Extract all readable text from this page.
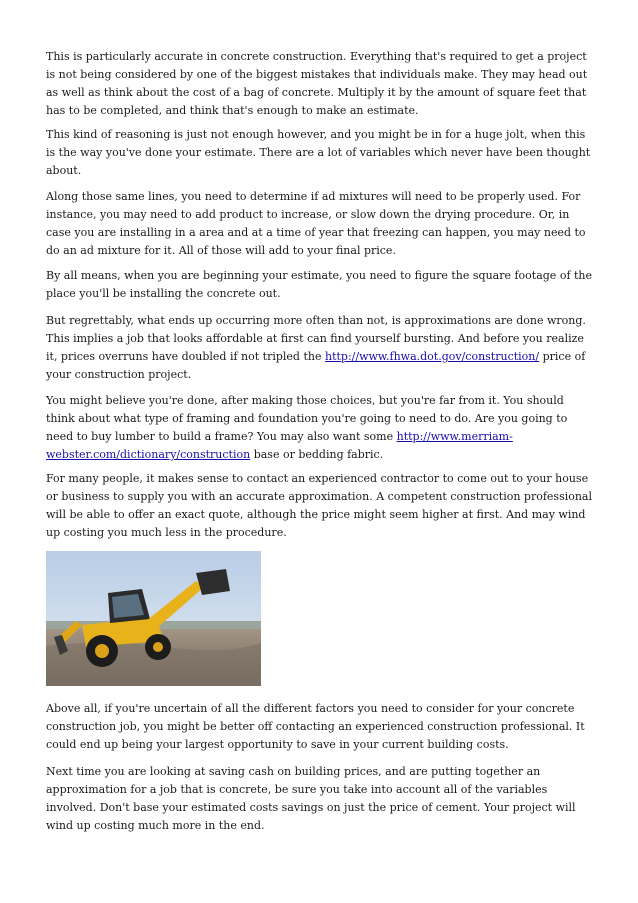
This is particularly accurate in concrete construction. Everything that's required to get a project is not being considered by one of the biggest mistakes that individuals make. They may head out as well as think about the cost of a bag of concrete. Multiply it by the amount of square feet that has to be completed, and think that's enough to make an estimate.

This kind of reasoning is just not enough however, and you might be in for a huge jolt, when this is the way you've done your estimate. There are a lot of variables which never have been thought about.

Along those same lines, you need to determine if ad mixtures will need to be properly used. For instance, you may need to add product to increase, or slow down the drying procedure. Or, in case you are installing in a area and at a time of year that freezing can happen, you may need to do an ad mixture for it. All of those will add to your final price.

By all means, when you are beginning your estimate, you need to figure the square footage of the place you'll be installing the concrete out.

But regrettably, what ends up occurring more often than not, is approximations are done wrong. This implies a job that looks affordable at first can find yourself bursting. And before you realize it, prices overruns have doubled if not tripled the http://www.fhwa.dot.gov/construction/ price of your construction project.

You might believe you're done, after making those choices, but you're far from it. You should think about what type of framing and foundation you're going to need to do. Are you going to need to buy lumber to build a frame? You may also want some http://www.merriam-webster.com/dictionary/construction base or bedding fabric.

For many people, it makes sense to contact an experienced contractor to come out to your house or business to supply you with an accurate approximation. A competent construction professional will be able to offer an exact quote, although the price might seem higher at first. And may wind up costing you much less in the procedure.

Above all, if you're uncertain of all the different factors you need to consider for your concrete construction job, you might be better off contacting an experienced construction professional. It could end up being your largest opportunity to save in your current building costs.

Next time you are looking at saving cash on building prices, and are putting together an approximation for a job that is concrete, be sure you take into account all of the variables involved. Don't base your estimated costs savings on just the price of cement. Your project will wind up costing much more in the end.
